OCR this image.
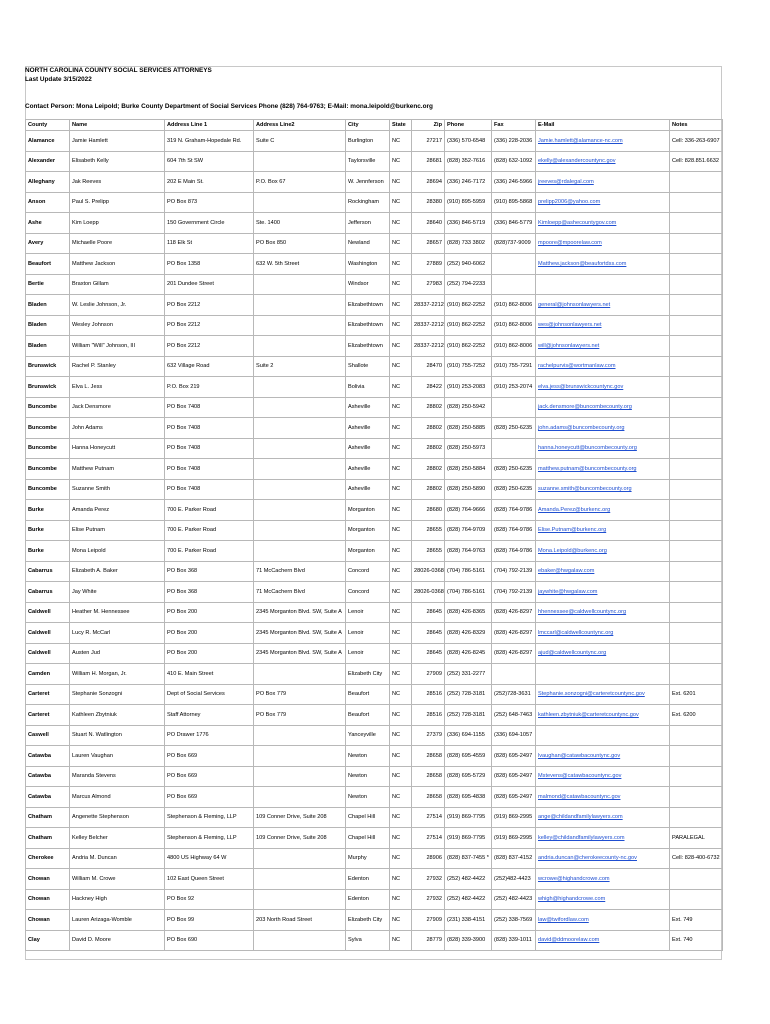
NORTH CAROLINA COUNTY SOCIAL SERVICES ATTORNEYS
Last Update 3/15/2022
Contact Person: Mona Leipold; Burke County Department of Social Services Phone (828) 764-9763; E-Mail: mona.leipold@burkenc.org
County	Name	Address Line 1	Address Line2	City	State	Zip	Phone	Fax	E-Mail	Notes
Alamance	Jamie Hamlett	319 N. Graham-Hopedale Rd.	Suite C	Burlington	NC	27217	(336) 570-6548	(336) 228-2036	Jamie.hamlett@alamance-nc.com	Cell: 336-263-6907
Alexander	Elisabeth Kelly	604 7th St SW		Taylorsville	NC	28681	(828) 352-7616	(828) 632-1092	ekelly@alexandercountync.gov	Cell: 828.851.6632
Alleghany	Jak Reeves	202 E Main St.	P.O. Box 67	W. Jennferson	NC	28694	(336) 246-7172	(336) 246-5966	jreeves@rdalegal.com	
Anson	Paul S. Prelipp	PO Box 873		Rockingham	NC	28380	(910) 895-5959	(910) 895-5868	prelipp2006@yahoo.com	
Ashe	Kim Loepp	150 Government Circle	Ste. 1400	Jefferson	NC	28640	(336) 846-5719	(336) 846-5779	Kimloepp@ashecountygov.com	
Avery	Michaelle Poore	118 Elk St	PO Box 850	Newland	NC	28657	(828) 733 3802	(828)737-9009	mpoore@mpoorelaw.com	
Beaufort	Matthew Jackson	PO Box 1358	632 W. 5th Street	Washington	NC	27889	(252) 940-6062		Matthew.jackson@beaufortdss.com	
Bertie	Braxton Gillam	201 Dundee Street		Windsor	NC	27983	(252) 794-2233			
Bladen	W. Leslie Johnson, Jr.	PO Box 2212		Elizabethtown	NC	28337-2212	(910) 862-2252	(910) 862-8006	general@johnsonlawyers.net	
Bladen	Wesley Johnson	PO Box 2212		Elizabethtown	NC	28337-2212	(910) 862-2252	(910) 862-8006	wes@johnsonlawyers.net	
Bladen	William "Will" Johnson, III	PO Box 2212		Elizabethtown	NC	28337-2212	(910) 862-2252	(910) 862-8006	will@johnsonlawyers.net	
Brunswick	Rachel P. Stanley	632 Village Road	Suite 2	Shallote	NC	28470	(910) 755-7252	(910) 755-7291	rachelpurvis@wortmanlaw.com	
Brunswick	Elva L. Jess	P.O. Box 219		Bolivia	NC	28422	(910) 253-2083	(910) 253-2074	elva.jess@brunswickcountync.gov	
Buncombe	Jack Densmore	PO Box 7408		Asheville	NC	28802	(828) 250-5942		jack.densmore@buncombecounty.org	
Buncombe	John Adams	PO Box 7408		Asheville	NC	28802	(828) 250-5885	(828) 250-6235	john.adams@buncombecounty.org	
Buncombe	Hanna Honeycutt	PO Box 7408		Asheville	NC	28802	(828) 250-5973		hanna.honeycutt@buncombecounty.org	
Buncombe	Matthew Putnam	PO Box 7408		Asheville	NC	28802	(828) 250-5884	(828) 250-6235	matthew.putnam@buncombecounty.org	
Buncombe	Suzanne Smith	PO Box 7408		Asheville	NC	28802	(828) 250-5890	(828) 250-6235	suzanne.smith@buncombecounty.org	
Burke	Amanda Perez	700 E. Parker Road		Morganton	NC	28680	(828) 764-9666	(828) 764-9786	Amanda.Perez@burkenc.org	
Burke	Elise Putnam	700 E. Parker Road		Morganton	NC	28655	(828) 764-9709	(828) 764-9786	Elise.Putnam@burkenc.org	
Burke	Mona Leipold	700 E. Parker Road		Morganton	NC	28655	(828) 764-9763	(828) 764-9786	Mona.Leipold@burkenc.org	
Cabarrus	Elizabeth A. Baker	PO Box 368	71 McCachern Blvd	Concord	NC	28026-0368	(704) 786-5161	(704) 792-2139	ebaker@hwgalaw.com	
Cabarrus	Jay White	PO Box 368	71 McCachern Blvd	Concord	NC	28026-0368	(704) 786-5161	(704) 792-2139	jaywhite@hwgalaw.com	
Caldwell	Heather M. Hennessee	PO Box 200	2345 Morganton Blvd. SW, Suite A	Lenoir	NC	28645	(828) 426-8365	(828) 426-8297	hhennessee@caldwellcountync.org	
Caldwell	Lucy R. McCarl	PO Box 200	2345 Morganton Blvd. SW, Suite A	Lenoir	NC	28645	(828) 426-8329	(828) 426-8297	lmccarl@caldwellcountync.org	
Caldwell	Austen Jud	PO Box 200	2345 Morganton Blvd. SW, Suite A	Lenoir	NC	28645	(828) 426-8245	(828) 426-8297	ajud@caldwellcountync.org	
Camden	William H. Morgan, Jr.	410 E. Main Street		Elizabeth City	NC	27909	(252) 331-2277			
Carteret	Stephanie Sonzogni	Dept of Social Services	PO Box 779	Beaufort	NC	28516	(252) 728-3181	(252)728-3631	Stephanie.sonzogni@carteretcountync.gov	Ext. 6201
Carteret	Kathleen Zbytniuk	Staff Attorney	PO Box 779	Beaufort	NC	28516	(252) 728-3181	(252) 648-7463	kathleen.zbytniuk@carteretcountync.gov	Ext. 6200
Caswell	Stuart N. Watlington	PO Drawer 1776		Yanceyville	NC	27379	(336) 694-1155	(336) 694-1057		
Catawba	Lauren Vaughan	PO Box 669		Newton	NC	28658	(828) 695-4559	(828) 695-2497	lvaughan@catawbacountync.gov	
Catawba	Maranda Stevens	PO Box 669		Newton	NC	28658	(828) 695-5729	(828) 695-2497	Mstevens@catawbacountync.gov	
Catawba	Marcus Almond	PO Box 669		Newton	NC	28658	(828) 695-4838	(828) 695-2497	malmond@catawbacountync.gov	
Chatham	Angenette Stephenson	Stephenson & Fleming, LLP	109 Conner Drive, Suite 208	Chapel Hill	NC	27514	(919) 869-7795	(919) 869-2995	ange@childandfamilylawyers.com	
Chatham	Kelley Belcher	Stephenson & Fleming, LLP	109 Conner Drive, Suite 208	Chapel Hill	NC	27514	(919) 869-7795	(919) 869-2995	kelley@childandfamilylawyers.com	PARALEGAL
Cherokee	Andria M. Duncan	4800 US Highway 64 W		Murphy	NC	28906	(828) 837-7455 *	(828) 837-4152	andria.duncan@cherokeecounty-nc.gov	Cell: 828-400-6732
Chowan	William M. Crowe	102 East Queen Street		Edenton	NC	27932	(252) 482-4422	(252)482-4423	wcrowe@highandcrowe.com	
Chowan	Hackney High	PO Box 92		Edenton	NC	27932	(252) 482-4422	(252) 482-4423	whigh@highandcrowe.com	
Chowan	Lauren Arizaga-Womble	PO Box 99	203 North Road Street	Elizabeth City	NC	27909	(231) 338-4151	(252) 338-7569	law@twifordlaw.com	Ext. 749
Clay	David D. Moore	PO Box 690		Sylva	NC	28779	(828) 339-3900	(828) 339-1011	david@ddmoorelaw.com	Ext. 740
